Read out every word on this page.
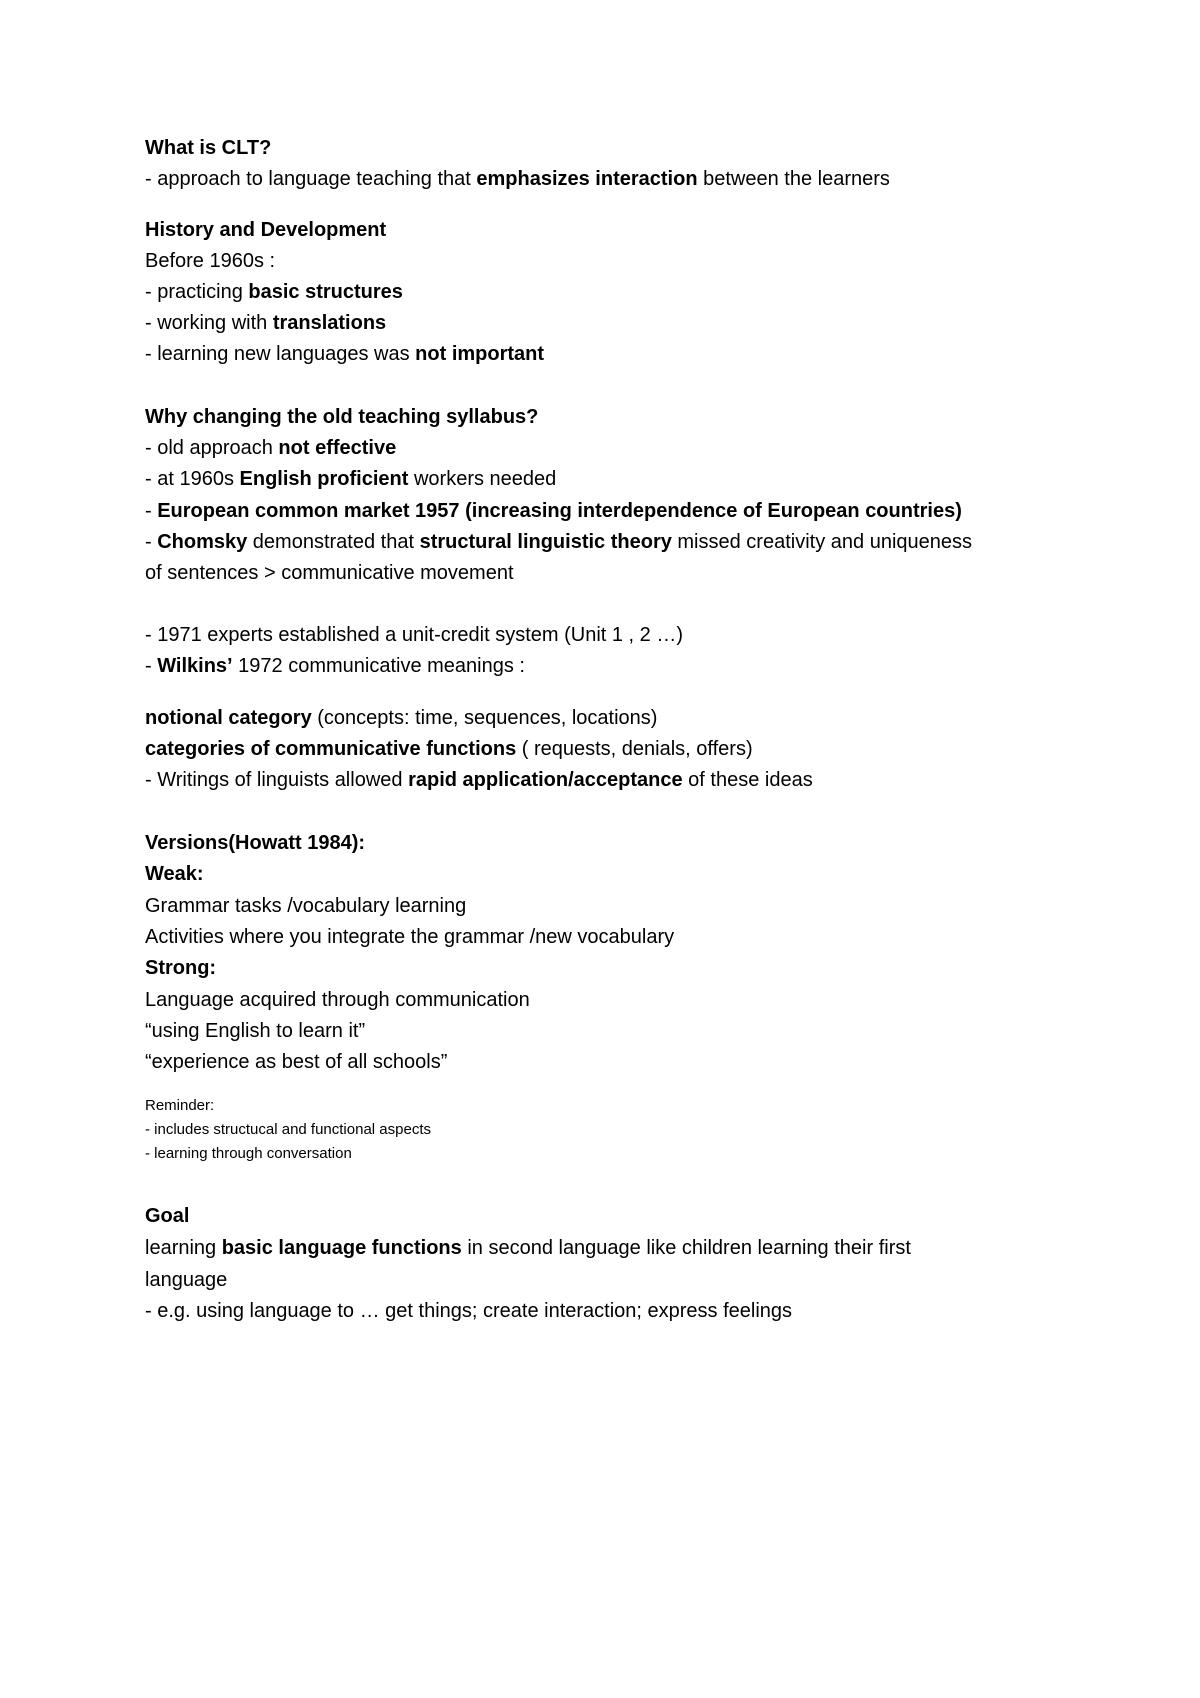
What is CLT?
- approach to language teaching that emphasizes interaction between the learners
History and Development
Before 1960s :
- practicing basic structures
- working with translations
- learning new languages was not important
Why changing the old teaching syllabus?
- old approach not effective
- at 1960s English proficient workers needed
- European common market 1957 (increasing interdependence of European countries)
- Chomsky demonstrated that structural linguistic theory missed creativity and uniqueness
of sentences > communicative movement
- 1971 experts established a unit-credit system (Unit 1 , 2 …)
- Wilkins’ 1972 communicative meanings :
notional category (concepts: time, sequences, locations)
categories of communicative functions ( requests, denials, offers)
- Writings of linguists allowed rapid application/acceptance of these ideas
Versions(Howatt 1984):
Weak:
Grammar tasks /vocabulary learning
Activities where you integrate the grammar /new vocabulary
Strong:
Language acquired through communication
“using English to learn it”
“experience as best of all schools”
Reminder:
- includes structucal and functional aspects
- learning through conversation
Goal
learning basic language functions in second language like children learning their first
language
- e.g. using language to … get things; create interaction; express feelings
